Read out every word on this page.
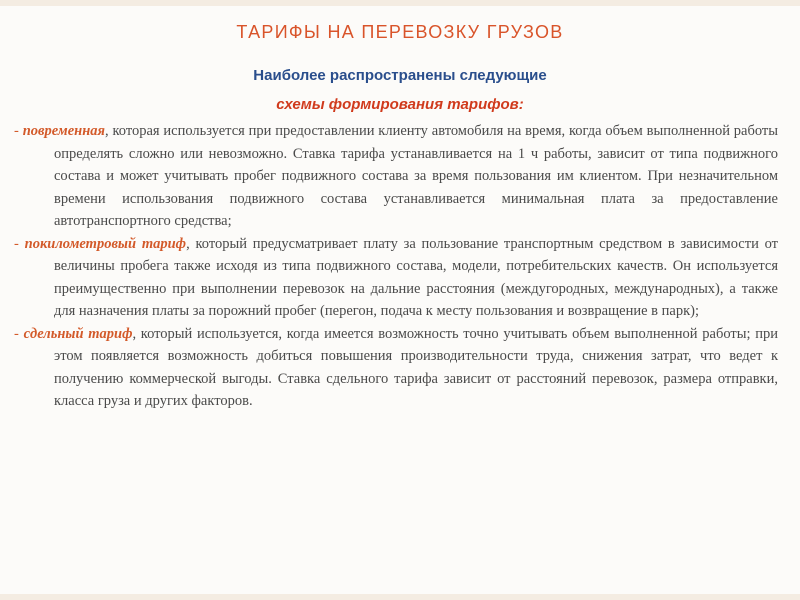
ТАРИФЫ НА ПЕРЕВОЗКУ ГРУЗОВ
Наиболее распространены следующие
схемы формирования тарифов:

- повременная, которая используется при предоставлении клиенту автомобиля на время, когда объем выполненной работы определять сложно или невозможно. Ставка тарифа устанавливается на 1 ч работы, зависит от типа подвижного состава и может учитывать пробег подвижного состава за время пользования им клиентом. При незначительном времени использования подвижного состава устанавливается минимальная плата за предоставление автотранспортного средства;

- покилометровый тариф, который предусматривает плату за пользование транспортным средством в зависимости от величины пробега также исходя из типа подвижного состава, модели, потребительских качеств. Он используется преимущественно при выполнении перевозок на дальние расстояния (междугородных, международных), а также для назначения платы за порожний пробег (перегон, подача к месту пользования и возвращение в парк);

- сдельный тариф, который используется, когда имеется возможность точно учитывать объем выполненной работы; при этом появляется возможность добиться повышения производительности труда, снижения затрат, что ведет к получению коммерческой выгоды. Ставка сдельного тарифа зависит от расстояний перевозок, размера отправки, класса груза и других факторов.
